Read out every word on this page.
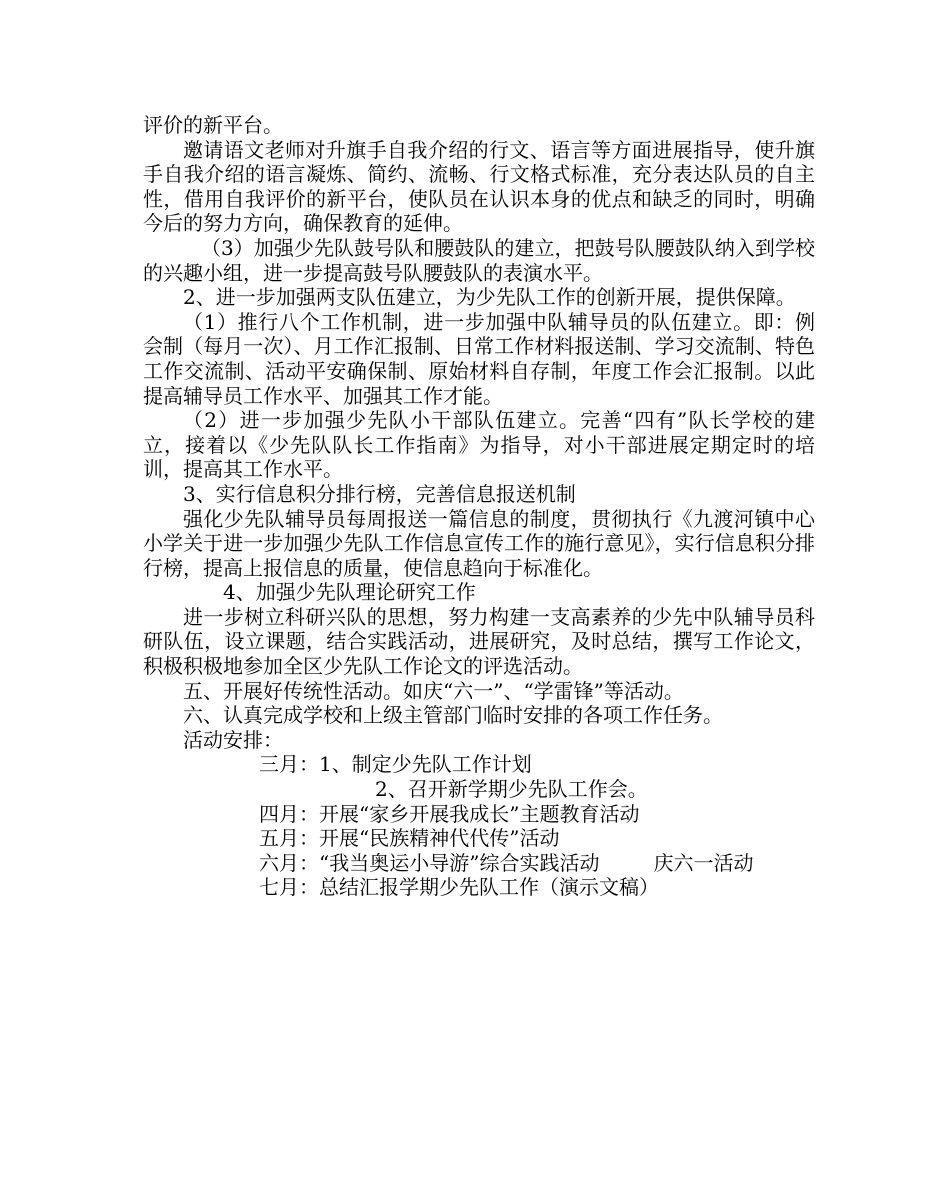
评价的新平台。

邀请语文老师对升旗手自我介绍的行文、语言等方面进展指导，使升旗手自我介绍的语言凝炼、简约、流畅、行文格式标准，充分表达队员的自主性，借用自我评价的新平台，使队员在认识本身的优点和缺乏的同时，明确今后的努力方向，确保教育的延伸。

（3）加强少先队鼓号队和腰鼓队的建立，把鼓号队腰鼓队纳入到学校的兴趣小组，进一步提高鼓号队腰鼓队的表演水平。

2、进一步加强两支队伍建立，为少先队工作的创新开展，提供保障。

（1）推行八个工作机制，进一步加强中队辅导员的队伍建立。即：例会制（每月一次）、月工作汇报制、日常工作材料报送制、学习交流制、特色工作交流制、活动平安确保制、原始材料自存制，年度工作会汇报制。以此提高辅导员工作水平、加强其工作才能。

（2）进一步加强少先队小干部队伍建立。完善“四有”队长学校的建立，接着以《少先队队长工作指南》为指导，对小干部进展定期定时的培训，提高其工作水平。

3、实行信息积分排行榜，完善信息报送机制

强化少先队辅导员每周报送一篇信息的制度，贯彻执行《九渡河镇中心小学关于进一步加强少先队工作信息宣传工作的施行意见》，实行信息积分排行榜，提高上报信息的质量，使信息趋向于标准化。

4、加强少先队理论研究工作

进一步树立科研兴队的思想，努力构建一支高素养的少先中队辅导员科研队伍，设立课题，结合实践活动，进展研究，及时总结，撰写工作论文，积极积极地参加全区少先队工作论文的评选活动。

五、开展好传统性活动。如庆“六一”、“学雷锋”等活动。

六、认真完成学校和上级主管部门临时安排的各项工作任务。

活动安排：

三月：1、制定少先队工作计划

2、召开新学期少先队工作会。

四月：开展“家乡开展我成长”主题教育活动

五月：开展“民族精神代代传”活动

六月：“我当奥运小导游”综合实践活动	庆六一活动

七月：总结汇报学期少先队工作（演示文稿）
